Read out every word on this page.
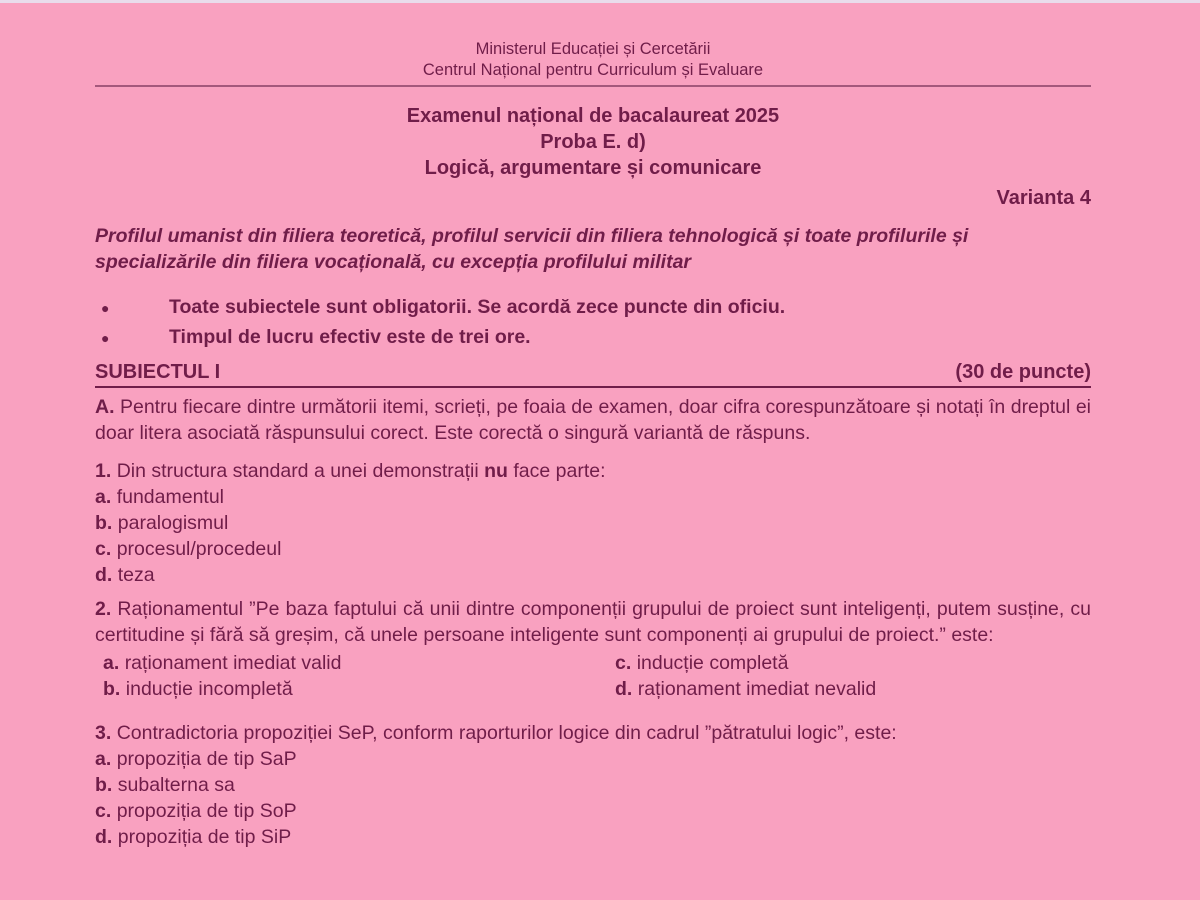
Ministerul Educației și Cercetării
Centrul Național pentru Curriculum și Evaluare
Examenul național de bacalaureat 2025
Proba E. d)
Logică, argumentare și comunicare
Varianta 4
Profilul umanist din filiera teoretică, profilul servicii din filiera tehnologică și toate profilurile și specializările din filiera vocațională, cu excepția profilului militar
●	Toate subiectele sunt obligatorii. Se acordă zece puncte din oficiu.
●	Timpul de lucru efectiv este de trei ore.
SUBIECTUL I	(30 de puncte)
A. Pentru fiecare dintre următorii itemi, scrieți, pe foaia de examen, doar cifra corespunzătoare și notați în dreptul ei doar litera asociată răspunsului corect. Este corectă o singură variantă de răspuns.
1. Din structura standard a unei demonstrații nu face parte:
a. fundamentul
b. paralogismul
c. procesul/procedeul
d. teza
2. Raționamentul ”Pe baza faptului că unii dintre componenții grupului de proiect sunt inteligenți, putem susține, cu certitudine și fără să greșim, că unele persoane inteligente sunt componenți ai grupului de proiect.” este:
a. raționament imediat valid
b. inducție incompletă
c. inducție completă
d. raționament imediat nevalid
3. Contradictoria propoziției SeP, conform raporturilor logice din cadrul ”pătratului logic”, este:
a. propoziția de tip SaP
b. subalterna sa
c. propoziția de tip SoP
d. propoziția de tip SiP
